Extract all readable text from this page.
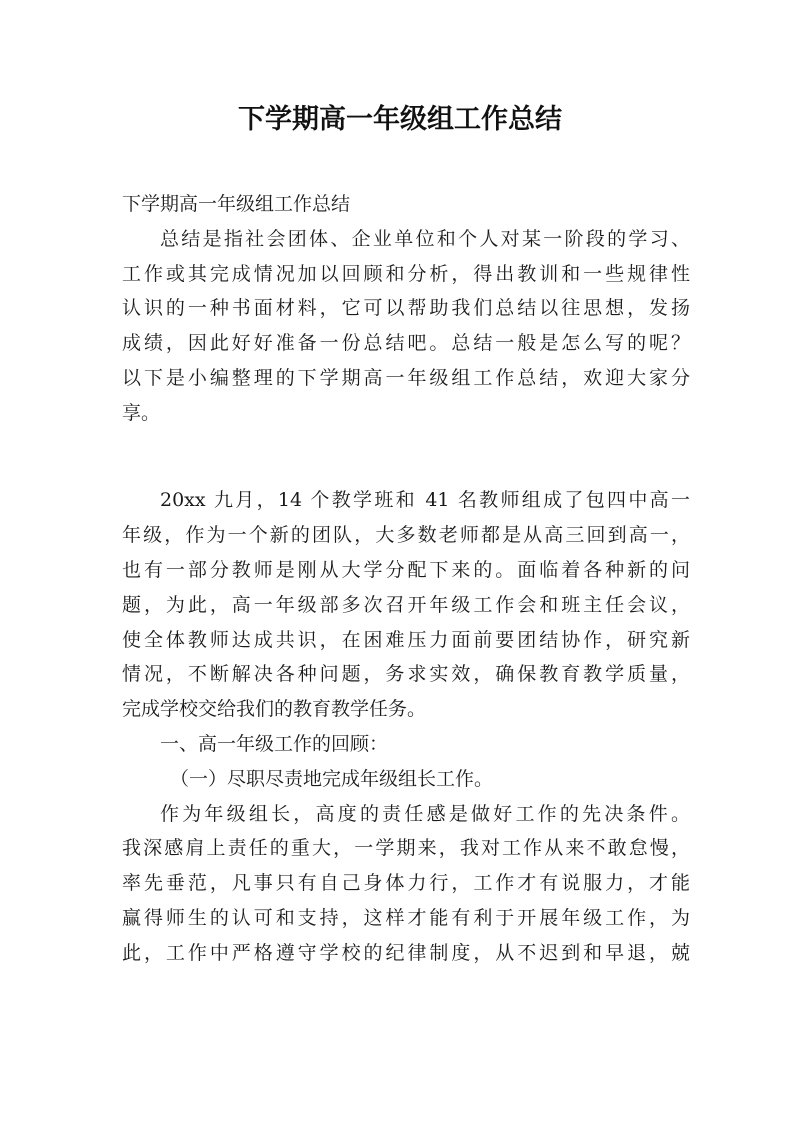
下学期高一年级组工作总结
下学期高一年级组工作总结
总结是指社会团体、企业单位和个人对某一阶段的学习、
工作或其完成情况加以回顾和分析，得出教训和一些规律性
认识的一种书面材料，它可以帮助我们总结以往思想，发扬
成绩，因此好好准备一份总结吧。总结一般是怎么写的呢？
以下是小编整理的下学期高一年级组工作总结，欢迎大家分
享。
20xx 九月，14 个教学班和 41 名教师组成了包四中高一
年级，作为一个新的团队，大多数老师都是从高三回到高一，
也有一部分教师是刚从大学分配下来的。面临着各种新的问
题，为此，高一年级部多次召开年级工作会和班主任会议，
使全体教师达成共识，在困难压力面前要团结协作，研究新
情况，不断解决各种问题，务求实效，确保教育教学质量，
完成学校交给我们的教育教学任务。
一、高一年级工作的回顾：
（一）尽职尽责地完成年级组长工作。
作为年级组长，高度的责任感是做好工作的先决条件。
我深感肩上责任的重大，一学期来，我对工作从来不敢怠慢，
率先垂范，凡事只有自己身体力行，工作才有说服力，才能
赢得师生的认可和支持，这样才能有利于开展年级工作，为
此，工作中严格遵守学校的纪律制度，从不迟到和早退，兢
